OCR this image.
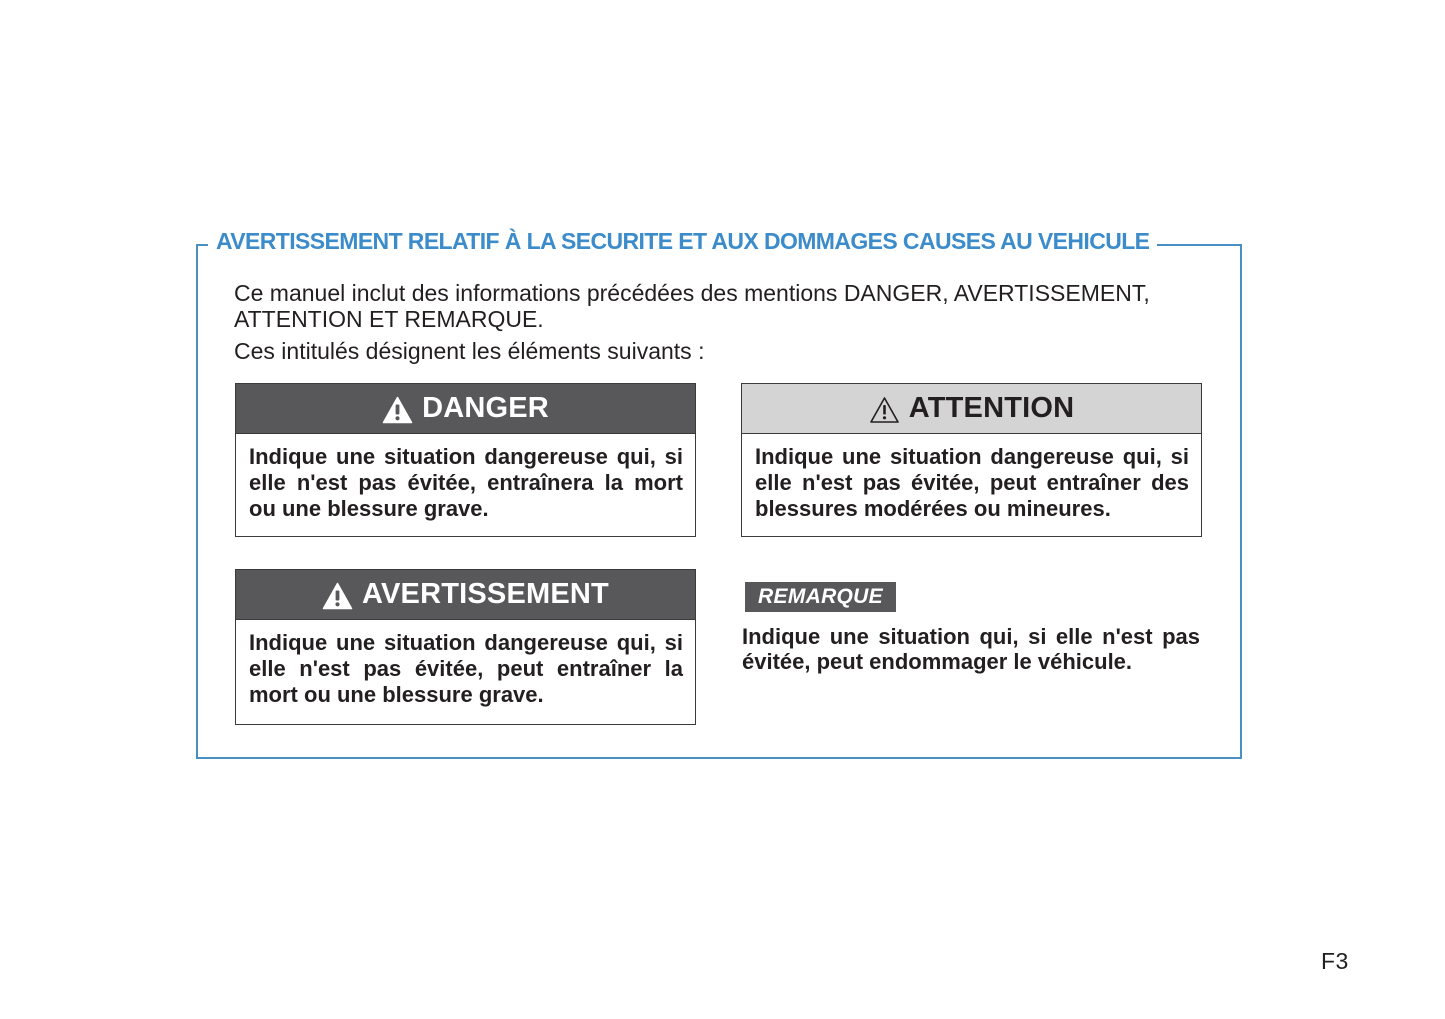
AVERTISSEMENT RELATIF À LA SECURITE ET AUX DOMMAGES CAUSES AU VEHICULE
Ce manuel inclut des informations précédées des mentions DANGER, AVERTISSEMENT, ATTENTION ET REMARQUE.
Ces intitulés désignent les éléments suivants :
DANGER
Indique une situation dangereuse qui, si elle n'est pas évitée, entraînera la mort ou une blessure grave.
ATTENTION
Indique une situation dangereuse qui, si elle n'est pas évitée, peut entraîner des blessures modérées ou mineures.
AVERTISSEMENT
Indique une situation dangereuse qui, si elle n'est pas évitée, peut entraîner la mort ou une blessure grave.
REMARQUE
Indique une situation qui, si elle n'est pas évitée, peut endommager le véhicule.
F3
